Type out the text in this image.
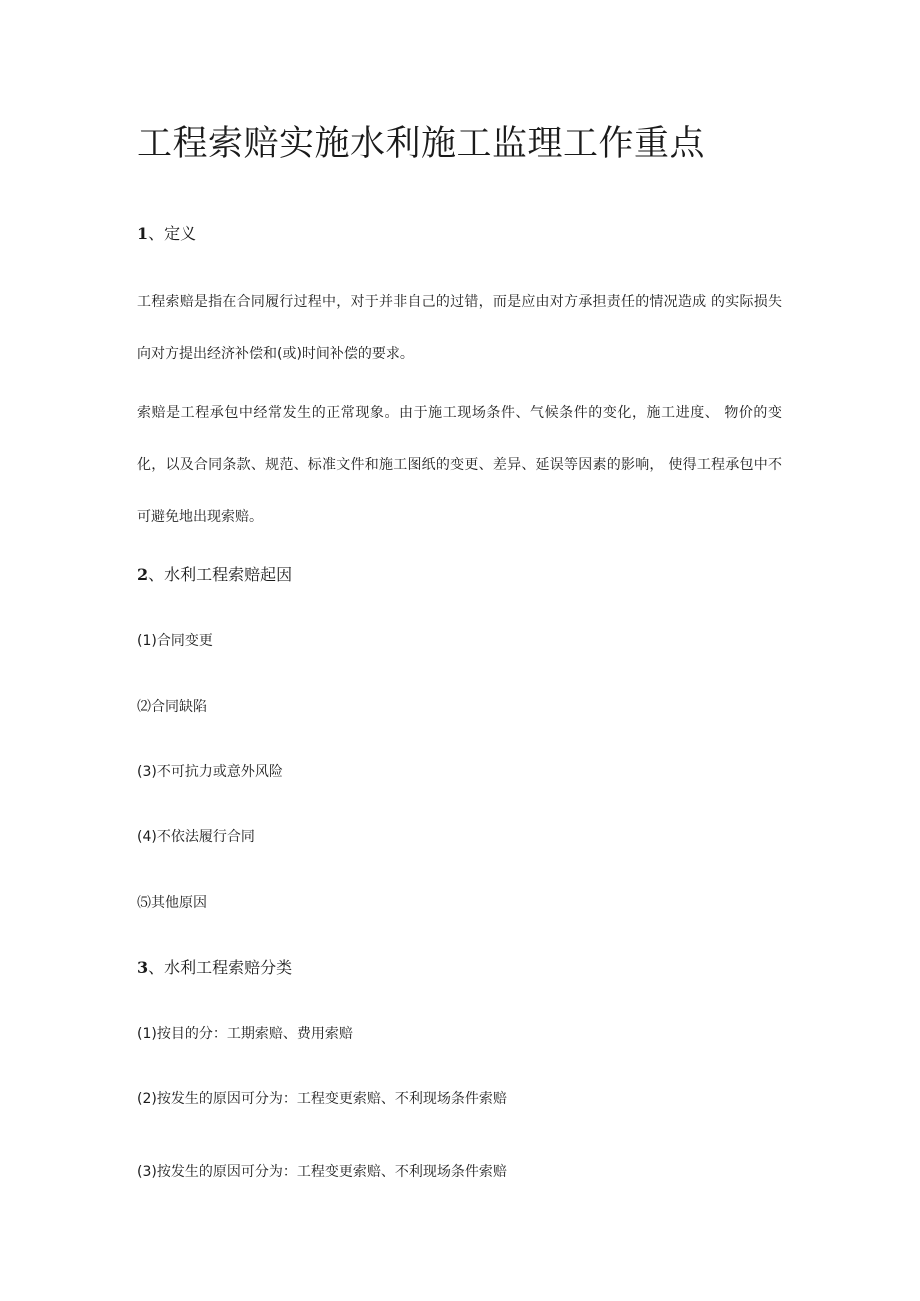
工程索赔实施水利施工监理工作重点
1、定义

工程索赔是指在合同履行过程中，对于并非自己的过错，而是应由对方承担责任的情况造成 的实际损失向对方提出经济补偿和(或)时间补偿的要求。

索赔是工程承包中经常发生的正常现象。由于施工现场条件、气候条件的变化，施工进度、 物价的变化，以及合同条款、规范、标准文件和施工图纸的变更、差异、延误等因素的影响， 使得工程承包中不可避免地出现索赔。

2、水利工程索赔起因

(1)合同变更

⑵合同缺陷

(3)不可抗力或意外风险

(4)不依法履行合同

⑸其他原因

3、水利工程索赔分类

(1)按目的分：工期索赔、费用索赔

(2)按发生的原因可分为：工程变更索赔、不利现场条件索赔

(3)按发生的原因可分为：工程变更索赔、不利现场条件索赔
